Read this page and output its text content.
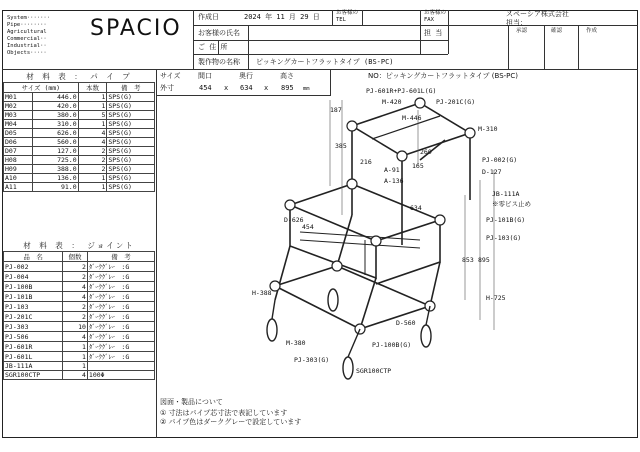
System·······
Pipe········
Agricultural
Commercial··
Industrial··
Objects·····
SPACIO 作成日	2024 年 11 月 29 日	お客様の
TEL
お客様の
FAX
スペーシア株式会社
担当：
お客様の氏名	担 当
ご 住 所
製作物の名称 ピッキングカートフラットタイプ (BS-PC)
承認	確認	作成
材 料 表 ： パ イ プ
サイズ (mm)		本数	備　考
M01	446.0	1	SPS(G)
M02	420.0	1	SPS(G)
M03	380.0	5	SPS(G)
M04	310.0	1	SPS(G)
D05	626.0	4	SPS(G)
D06	560.0	4	SPS(G)
D07	127.0	2	SPS(G)
H08	725.0	2	SPS(G)
H09	388.0	2	SPS(G)
A10	136.0	1	SPS(G)
A11	91.0	1	SPS(G)
材 料 表 ： ジョイント
品　名	個数	備　考
PJ-002	2	ﾀﾞｰｸｸﾞﾚｰ　:G
PJ-004	2	ﾀﾞｰｸｸﾞﾚｰ　:G
PJ-100B	4	ﾀﾞｰｸｸﾞﾚｰ　:G
PJ-101B	4	ﾀﾞｰｸｸﾞﾚｰ　:G
PJ-103	2	ﾀﾞｰｸｸﾞﾚｰ　:G
PJ-201C	2	ﾀﾞｰｸｸﾞﾚｰ　:G
PJ-303	10	ﾀﾞｰｸｸﾞﾚｰ　:G
PJ-506	4	ﾀﾞｰｸｸﾞﾚｰ　:G
PJ-601R	1	ﾀﾞｰｸｸﾞﾚｰ　:G
PJ-601L	1	ﾀﾞｰｸｸﾞﾚｰ　:G
JB-111A	1	
SGR100CTP	4	100Φ
サイズ	間口	奥行	高さ
外寸	454 x 634 x 895 mm
NO：ピッキングカートフラットタイプ (BS-PC)
PJ-601R+PJ-601L(G)
M-420	PJ-201C(G)
M-446
M-310
187
385
216
260
165
A-91
A-136
PJ-002(G)
D-127
JB-111A
※零ビス止め
D-626	PJ-101B(G)
PJ-103(G)
853 895
454
634
H-388
H-725
D-560
M-380	PJ-100B(G)
PJ-303(G)
SGR100CTP
図面・製品について
① 寸法はパイプ芯寸法で表記しています
② パイプ色はダークグレーで設定しています
